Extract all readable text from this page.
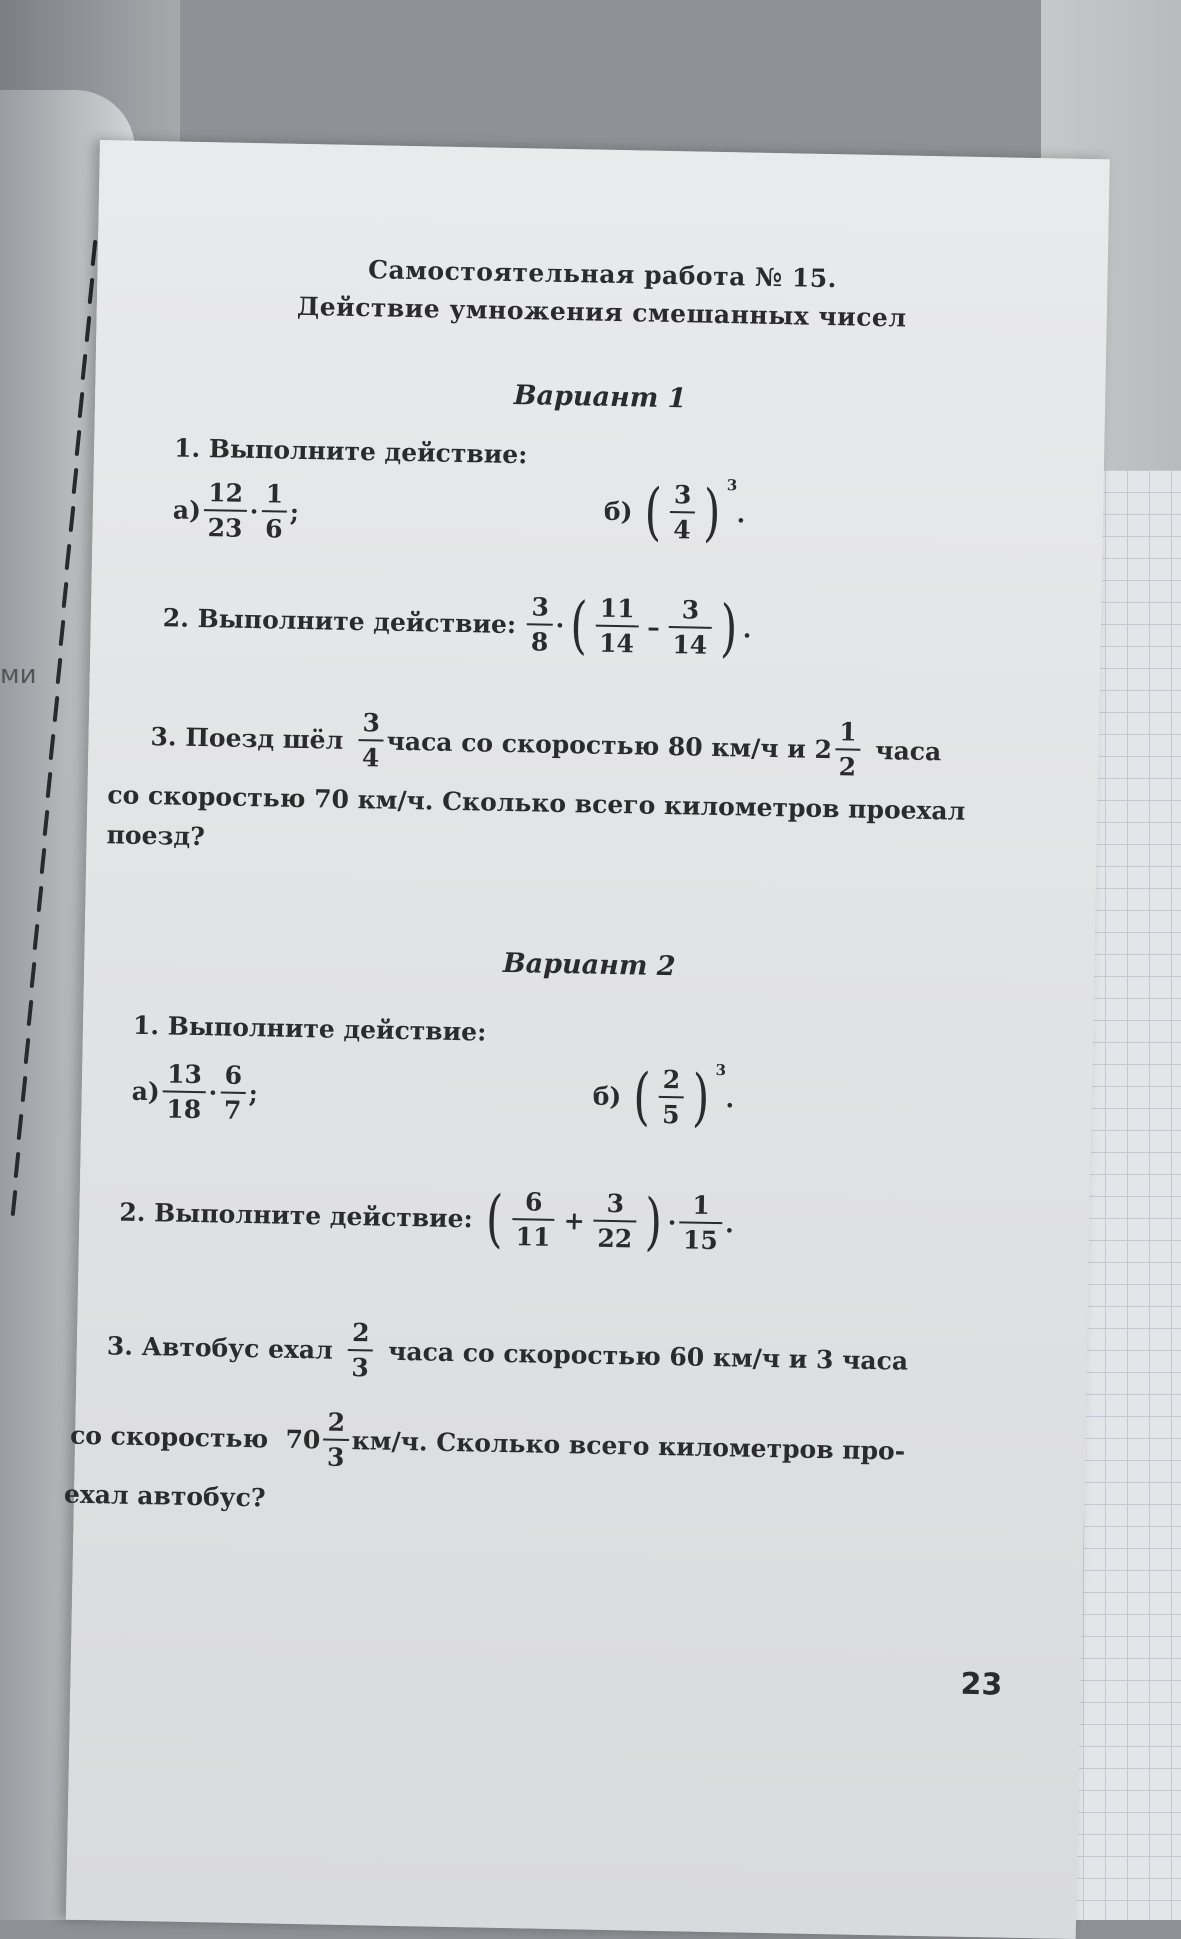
ми
Самостоятельная работа № 15.
Действие умножения смешанных чисел
Вариант 1
1. Выполните действие:
$а) \frac{12}{23} \cdot \frac{1}{6}$ ;	б) ( $\frac{3}{4}$ ) 3
.
2. Выполните действие: $\frac{3}{8}$ · ( $\frac{11}{14} - \frac{3}{14}$ ) .
3. Поезд шёл $\frac{3}{4}$ часа со скоростью 80 км/ч и $2 \frac{1}{2}$ часа
со скоростью 70 км/ч. Сколько всего километров проехал
поезд?
Вариант 2
1. Выполните действие:
$а) \frac{13}{18} \cdot \frac{6}{7}$ ;	б) ( $\frac{2}{5}$ ) 3
.
2. Выполните действие: ( $\frac{6}{11} + \frac{3}{22}$ ) · $\frac{1}{15}$ .
3. Автобус ехал $\frac{2}{3}$ часа со скоростью 60 км/ч и 3 часа
со скоростью  $70 \frac{2}{3} км/ч$. Сколько всего километров про-
ехал автобус?
23
